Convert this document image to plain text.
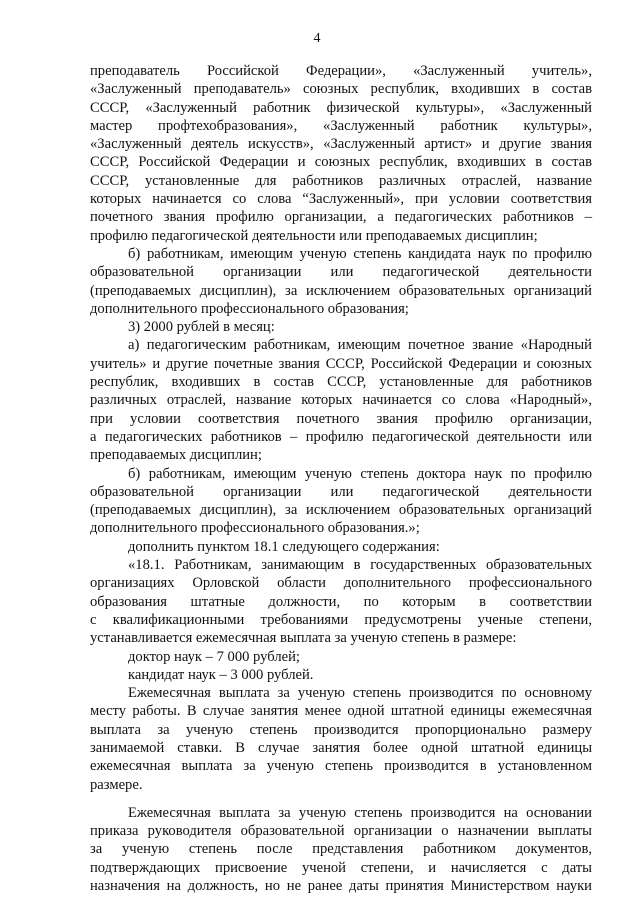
4
преподаватель Российской Федерации», «Заслуженный учитель»,
«Заслуженный преподаватель» союзных республик, входивших в состав
СССР, «Заслуженный работник физической культуры», «Заслуженный
мастер профтехобразования», «Заслуженный работник культуры»,
«Заслуженный деятель искусств», «Заслуженный артист» и другие звания
СССР, Российской Федерации и союзных республик, входивших в состав
СССР, установленные для работников различных отраслей, название
которых начинается со слова “Заслуженный», при условии соответствия
почетного звания профилю организации, а педагогических работников –
профилю педагогической деятельности или преподаваемых дисциплин;
б) работникам, имеющим ученую степень кандидата наук по профилю
образовательной организации или педагогической деятельности
(преподаваемых дисциплин), за исключением образовательных организаций
дополнительного профессионального образования;
3) 2000 рублей в месяц:
а) педагогическим работникам, имеющим почетное звание «Народный
учитель» и другие почетные звания СССР, Российской Федерации и союзных
республик, входивших в состав СССР, установленные для работников
различных отраслей, название которых начинается со слова «Народный»,
при условии соответствия почетного звания профилю организации,
а педагогических работников – профилю педагогической деятельности или
преподаваемых дисциплин;
б) работникам, имеющим ученую степень доктора наук по профилю
образовательной организации или педагогической деятельности
(преподаваемых дисциплин), за исключением образовательных организаций
дополнительного профессионального образования.»;
дополнить пунктом 18.1 следующего содержания:
«18.1. Работникам, занимающим в государственных образовательных
организациях Орловской области дополнительного профессионального
образования штатные должности, по которым в соответствии
с квалификационными требованиями предусмотрены ученые степени,
устанавливается ежемесячная выплата за ученую степень в размере:
доктор наук – 7 000 рублей;
кандидат наук – 3 000 рублей.
Ежемесячная выплата за ученую степень производится по основному
месту работы. В случае занятия менее одной штатной единицы ежемесячная
выплата за ученую степень производится пропорционально размеру
занимаемой ставки. В случае занятия более одной штатной единицы
ежемесячная выплата за ученую степень производится в установленном
размере.
Ежемесячная выплата за ученую степень производится на основании
приказа руководителя образовательной организации о назначении выплаты
за ученую степень после представления работником документов,
подтверждающих присвоение ученой степени, и начисляется с даты
назначения на должность, но не ранее даты принятия Министерством науки
